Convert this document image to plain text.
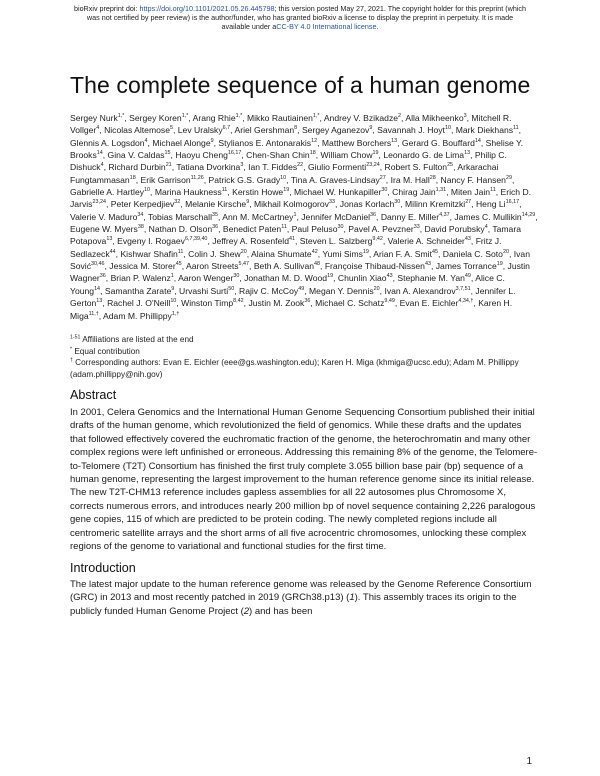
bioRxiv preprint doi: https://doi.org/10.1101/2021.05.26.445798; this version posted May 27, 2021. The copyright holder for this preprint (which
was not certified by peer review) is the author/funder, who has granted bioRxiv a license to display the preprint in perpetuity. It is made
available under aCC-BY 4.0 International license.
The complete sequence of a human genome
Sergey Nurk$^{1,*}$, Sergey Koren$^{1,*}$, Arang Rhie$^{1,*}$, Mikko Rautiainen$^{1,*}$, Andrey V. Bzikadze$^2$, Alla Mikheenko$^3$, Mitchell R. Vollger$^4$, Nicolas Altemose$^5$, Lev Uralsky$^{6,7}$, Ariel Gershman$^8$, Sergey Aganezov$^9$, Savannah J. Hoyt$^{10}$, Mark Diekhans$^{11}$, Glennis A. Logsdon$^4$, Michael Alonge$^9$, Stylianos E. Antonarakis$^{12}$, Matthew Borchers$^{13}$, Gerard G. Bouffard$^{14}$, Shelise Y. Brooks$^{14}$, Gina V. Caldas$^{15}$, Haoyu Cheng$^{16,17}$, Chen-Shan Chin$^{18}$, William Chow$^{19}$, Leonardo G. de Lima$^{13}$, Philip C. Dishuck$^4$, Richard Durbin$^{21}$, Tatiana Dvorkina$^3$, Ian T. Fiddes$^{22}$, Giulio Formenti$^{23,24}$, Robert S. Fulton$^{25}$, Arkarachai Fungtammasan$^{18}$, Erik Garrison$^{11,26}$, Patrick G.S. Grady$^{10}$, Tina A. Graves-Lindsay$^{27}$, Ira M. Hall$^{28}$, Nancy F. Hansen$^{29}$, Gabrielle A. Hartley$^{10}$, Marina Haukness$^{11}$, Kerstin Howe$^{19}$, Michael W. Hunkapiller$^{30}$, Chirag Jain$^{1,31}$, Miten Jain$^{11}$, Erich D. Jarvis$^{23,24}$, Peter Kerpedjiev$^{32}$, Melanie Kirsche$^9$, Mikhail Kolmogorov$^{33}$, Jonas Korlach$^{30}$, Milinn Kremitzki$^{27}$, Heng Li$^{16,17}$, Valerie V. Maduro$^{34}$, Tobias Marschall$^{35}$, Ann M. McCartney$^1$, Jennifer McDaniel$^{36}$, Danny E. Miller$^{4,37}$, James C. Mullikin$^{14,29}$, Eugene W. Myers$^{38}$, Nathan D. Olson$^{36}$, Benedict Paten$^{11}$, Paul Peluso$^{30}$, Pavel A. Pevzner$^{33}$, David Porubsky$^4$, Tamara Potapova$^{13}$, Evgeny I. Rogaev$^{6,7,39,40}$, Jeffrey A. Rosenfeld$^{41}$, Steven L. Salzberg$^{9,42}$, Valerie A. Schneider$^{43}$, Fritz J. Sedlazeck$^{44}$, Kishwar Shafin$^{11}$, Colin J. Shew$^{20}$, Alaina Shumate$^{42}$, Yumi Sims$^{19}$, Arian F. A. Smit$^{45}$, Daniela C. Soto$^{20}$, Ivan Sović$^{30,46}$, Jessica M. Storer$^{45}$, Aaron Streets$^{5,47}$, Beth A. Sullivan$^{48}$, Françoise Thibaud-Nissen$^{43}$, James Torrance$^{19}$, Justin Wagner$^{36}$, Brian P. Walenz$^1$, Aaron Wenger$^{30}$, Jonathan M. D. Wood$^{19}$, Chunlin Xiao$^{43}$, Stephanie M. Yan$^{49}$, Alice C. Young$^{14}$, Samantha Zarate$^9$, Urvashi Surti$^{50}$, Rajiv C. McCoy$^{49}$, Megan Y. Dennis$^{20}$, Ivan A. Alexandrov$^{3,7,51}$, Jennifer L. Gerton$^{13}$, Rachel J. O'Neill$^{10}$, Winston Timp$^{8,42}$, Justin M. Zook$^{36}$, Michael C. Schatz$^{9,49}$, Evan E. Eichler$^{4,34,\dagger}$, Karen H. Miga$^{11,\dagger}$, Adam M. Phillippy$^{1,\dagger}$

$^{1-51}$ Affiliations are listed at the end

* Equal contribution

† Corresponding authors: Evan E. Eichler (eee@gs.washington.edu); Karen H. Miga (khmiga@ucsc.edu); Adam M. Phillippy (adam.phillippy@nih.gov)

Abstract

In 2001, Celera Genomics and the International Human Genome Sequencing Consortium published their initial drafts of the human genome, which revolutionized the field of genomics. While these drafts and the updates that followed effectively covered the euchromatic fraction of the genome, the heterochromatin and many other complex regions were left unfinished or erroneous. Addressing this remaining 8% of the genome, the Telomere-to-Telomere (T2T) Consortium has finished the first truly complete 3.055 billion base pair (bp) sequence of a human genome, representing the largest improvement to the human reference genome since its initial release. The new T2T-CHM13 reference includes gapless assemblies for all 22 autosomes plus Chromosome X, corrects numerous errors, and introduces nearly 200 million bp of novel sequence containing 2,226 paralogous gene copies, 115 of which are predicted to be protein coding. The newly completed regions include all centromeric satellite arrays and the short arms of all five acrocentric chromosomes, unlocking these complex regions of the genome to variational and functional studies for the first time.

Introduction

The latest major update to the human reference genome was released by the Genome Reference Consortium (GRC) in 2013 and most recently patched in 2019 (GRCh38.p13) (1). This assembly traces its origin to the publicly funded Human Genome Project (2) and has been

1
